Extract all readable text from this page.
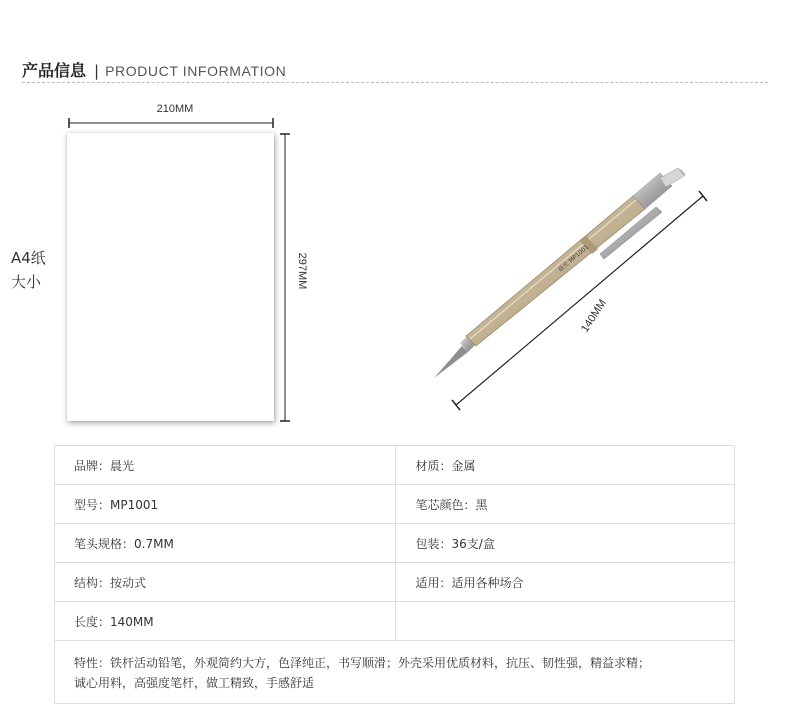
产品信息 | PRODUCT INFORMATION
A4纸
大小
晨光 MP1001
210MM
297MM
140MM
品牌：晨光	材质：金属
型号：MP1001	笔芯颜色：黑
笔头规格：0.7MM	包装：36支/盒
结构：按动式	适用：适用各种场合
长度：140MM	

特性：铁杆活动铅笔，外观简约大方，色泽纯正，书写顺滑；外壳采用优质材料，抗压、韧性强，精益求精；
诚心用料，高强度笔杆，做工精致，手感舒适	
